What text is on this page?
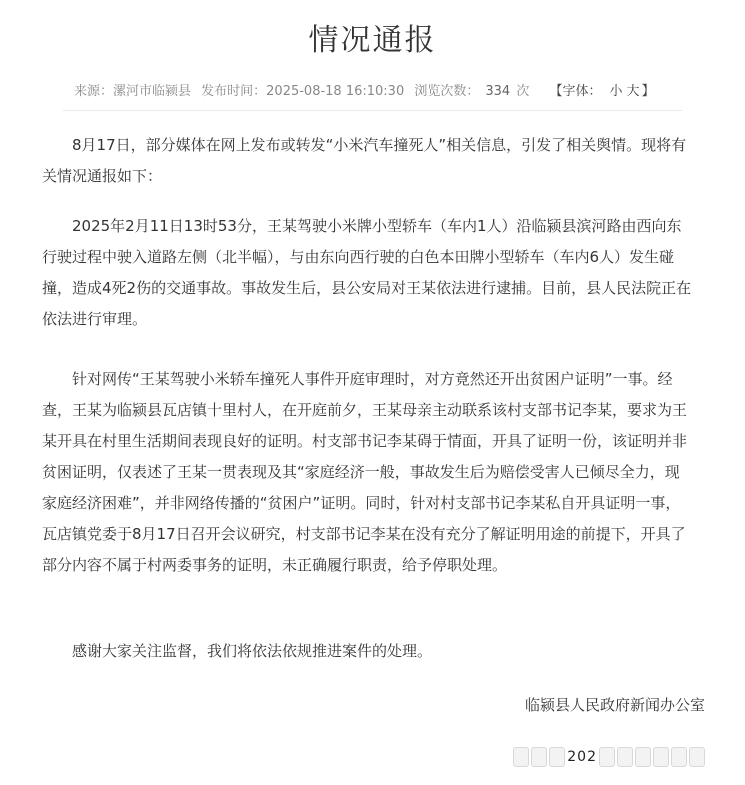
情况通报
来源：漯河市临颍县 发布时间：2025-08-18 16:10:30 浏览次数： 334 次 【字体： 小 大 】
8月17日，部分媒体在网上发布或转发“小米汽车撞死人”相关信息，引发了相关舆情。现将有关情况通报如下：
2025年2月11日13时53分，王某驾驶小米牌小型轿车（车内1人）沿临颍县滨河路由西向东行驶过程中驶入道路左侧（北半幅），与由东向西行驶的白色本田牌小型轿车（车内6人）发生碰撞，造成4死2伤的交通事故。事故发生后，县公安局对王某依法进行逮捕。目前，县人民法院正在依法进行审理。
针对网传“王某驾驶小米轿车撞死人事件开庭审理时，对方竟然还开出贫困户证明”一事。经查，王某为临颍县瓦店镇十里村人，在开庭前夕，王某母亲主动联系该村支部书记李某，要求为王某开具在村里生活期间表现良好的证明。村支部书记李某碍于情面，开具了证明一份，该证明并非贫困证明，仅表述了王某一贯表现及其“家庭经济一般，事故发生后为赔偿受害人已倾尽全力，现家庭经济困难”，并非网络传播的“贫困户”证明。同时，针对村支部书记李某私自开具证明一事，瓦店镇党委于8月17日召开会议研究，村支部书记李某在没有充分了解证明用途的前提下，开具了部分内容不属于村两委事务的证明，未正确履行职责，给予停职处理。
感谢大家关注监督，我们将依法依规推进案件的处理。
临颍县人民政府新闻办公室
202
